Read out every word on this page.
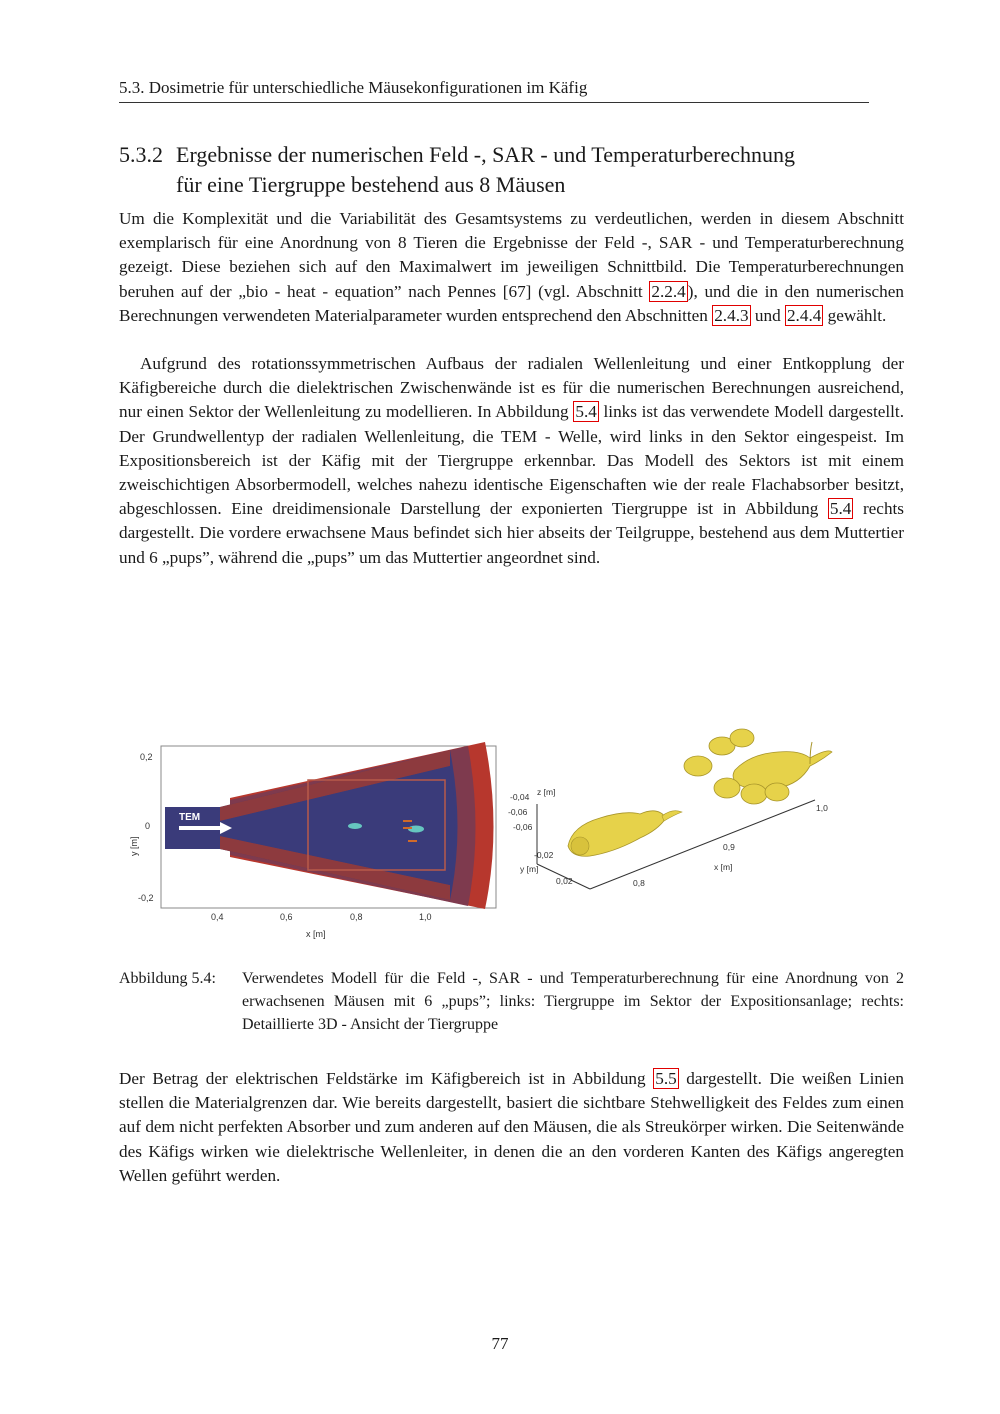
5.3. Dosimetrie für unterschiedliche Mäusekonfigurationen im Käfig
5.3.2 Ergebnisse der numerischen Feld -, SAR - und Temperaturberechnung
für eine Tiergruppe bestehend aus 8 Mäusen

Um die Komplexität und die Variabilität des Gesamtsystems zu verdeutlichen, werden in diesem Abschnitt exemplarisch für eine Anordnung von 8 Tieren die Ergebnisse der Feld -, SAR - und Temperaturberechnung gezeigt. Diese beziehen sich auf den Maximalwert im jeweiligen Schnittbild. Die Temperaturberechnungen beruhen auf der „bio - heat - equation” nach Pennes [67] (vgl. Abschnitt 2.2.4 ), und die in den numerischen Berechnungen verwendeten Materialparameter wurden entsprechend den Abschnitten 2.4.3 und 2.4.4 gewählt.

Aufgrund des rotationssymmetrischen Aufbaus der radialen Wellenleitung und einer Entkopplung der Käfigbereiche durch die dielektrischen Zwischenwände ist es für die numerischen Berechnungen ausreichend, nur einen Sektor der Wellenleitung zu modellieren. In Abbildung 5.4 links ist das verwendete Modell dargestellt. Der Grundwellentyp der radialen Wellenleitung, die TEM - Welle, wird links in den Sektor eingespeist. Im Expositionsbereich ist der Käfig mit der Tiergruppe erkennbar. Das Modell des Sektors ist mit einem zweischichtigen Absorbermodell, welches nahezu identische Eigenschaften wie der reale Flachabsorber besitzt, abgeschlossen. Eine dreidimensionale Darstellung der exponierten Tiergruppe ist in Abbildung 5.4 rechts dargestellt. Die vordere erwachsene Maus befindet sich hier abseits der Teilgruppe, bestehend aus dem Muttertier und 6 „pups”, während die „pups” um das Muttertier angeordnet sind.

TEM
0,2
0
-0,2
y [m]
0,4	0,6	0,8	1,0
x [m]
-0,04
-0,06
-0,06
z [m]
-0,02
y [m]
0,02	0,8
0,9
x [m]
1,0
Abbildung 5.4: Verwendetes Modell für die Feld -, SAR - und Temperaturberechnung für eine Anordnung von 2 erwachsenen Mäusen mit 6 „pups”; links: Tiergruppe im Sektor der Expositionsanlage; rechts: Detaillierte 3D - Ansicht der Tiergruppe

Der Betrag der elektrischen Feldstärke im Käfigbereich ist in Abbildung 5.5 dargestellt. Die weißen Linien stellen die Materialgrenzen dar. Wie bereits dargestellt, basiert die sichtbare Stehwelligkeit des Feldes zum einen auf dem nicht perfekten Absorber und zum anderen auf den Mäusen, die als Streukörper wirken. Die Seitenwände des Käfigs wirken wie dielektrische Wellenleiter, in denen die an den vorderen Kanten des Käfigs angeregten Wellen geführt werden.

77
